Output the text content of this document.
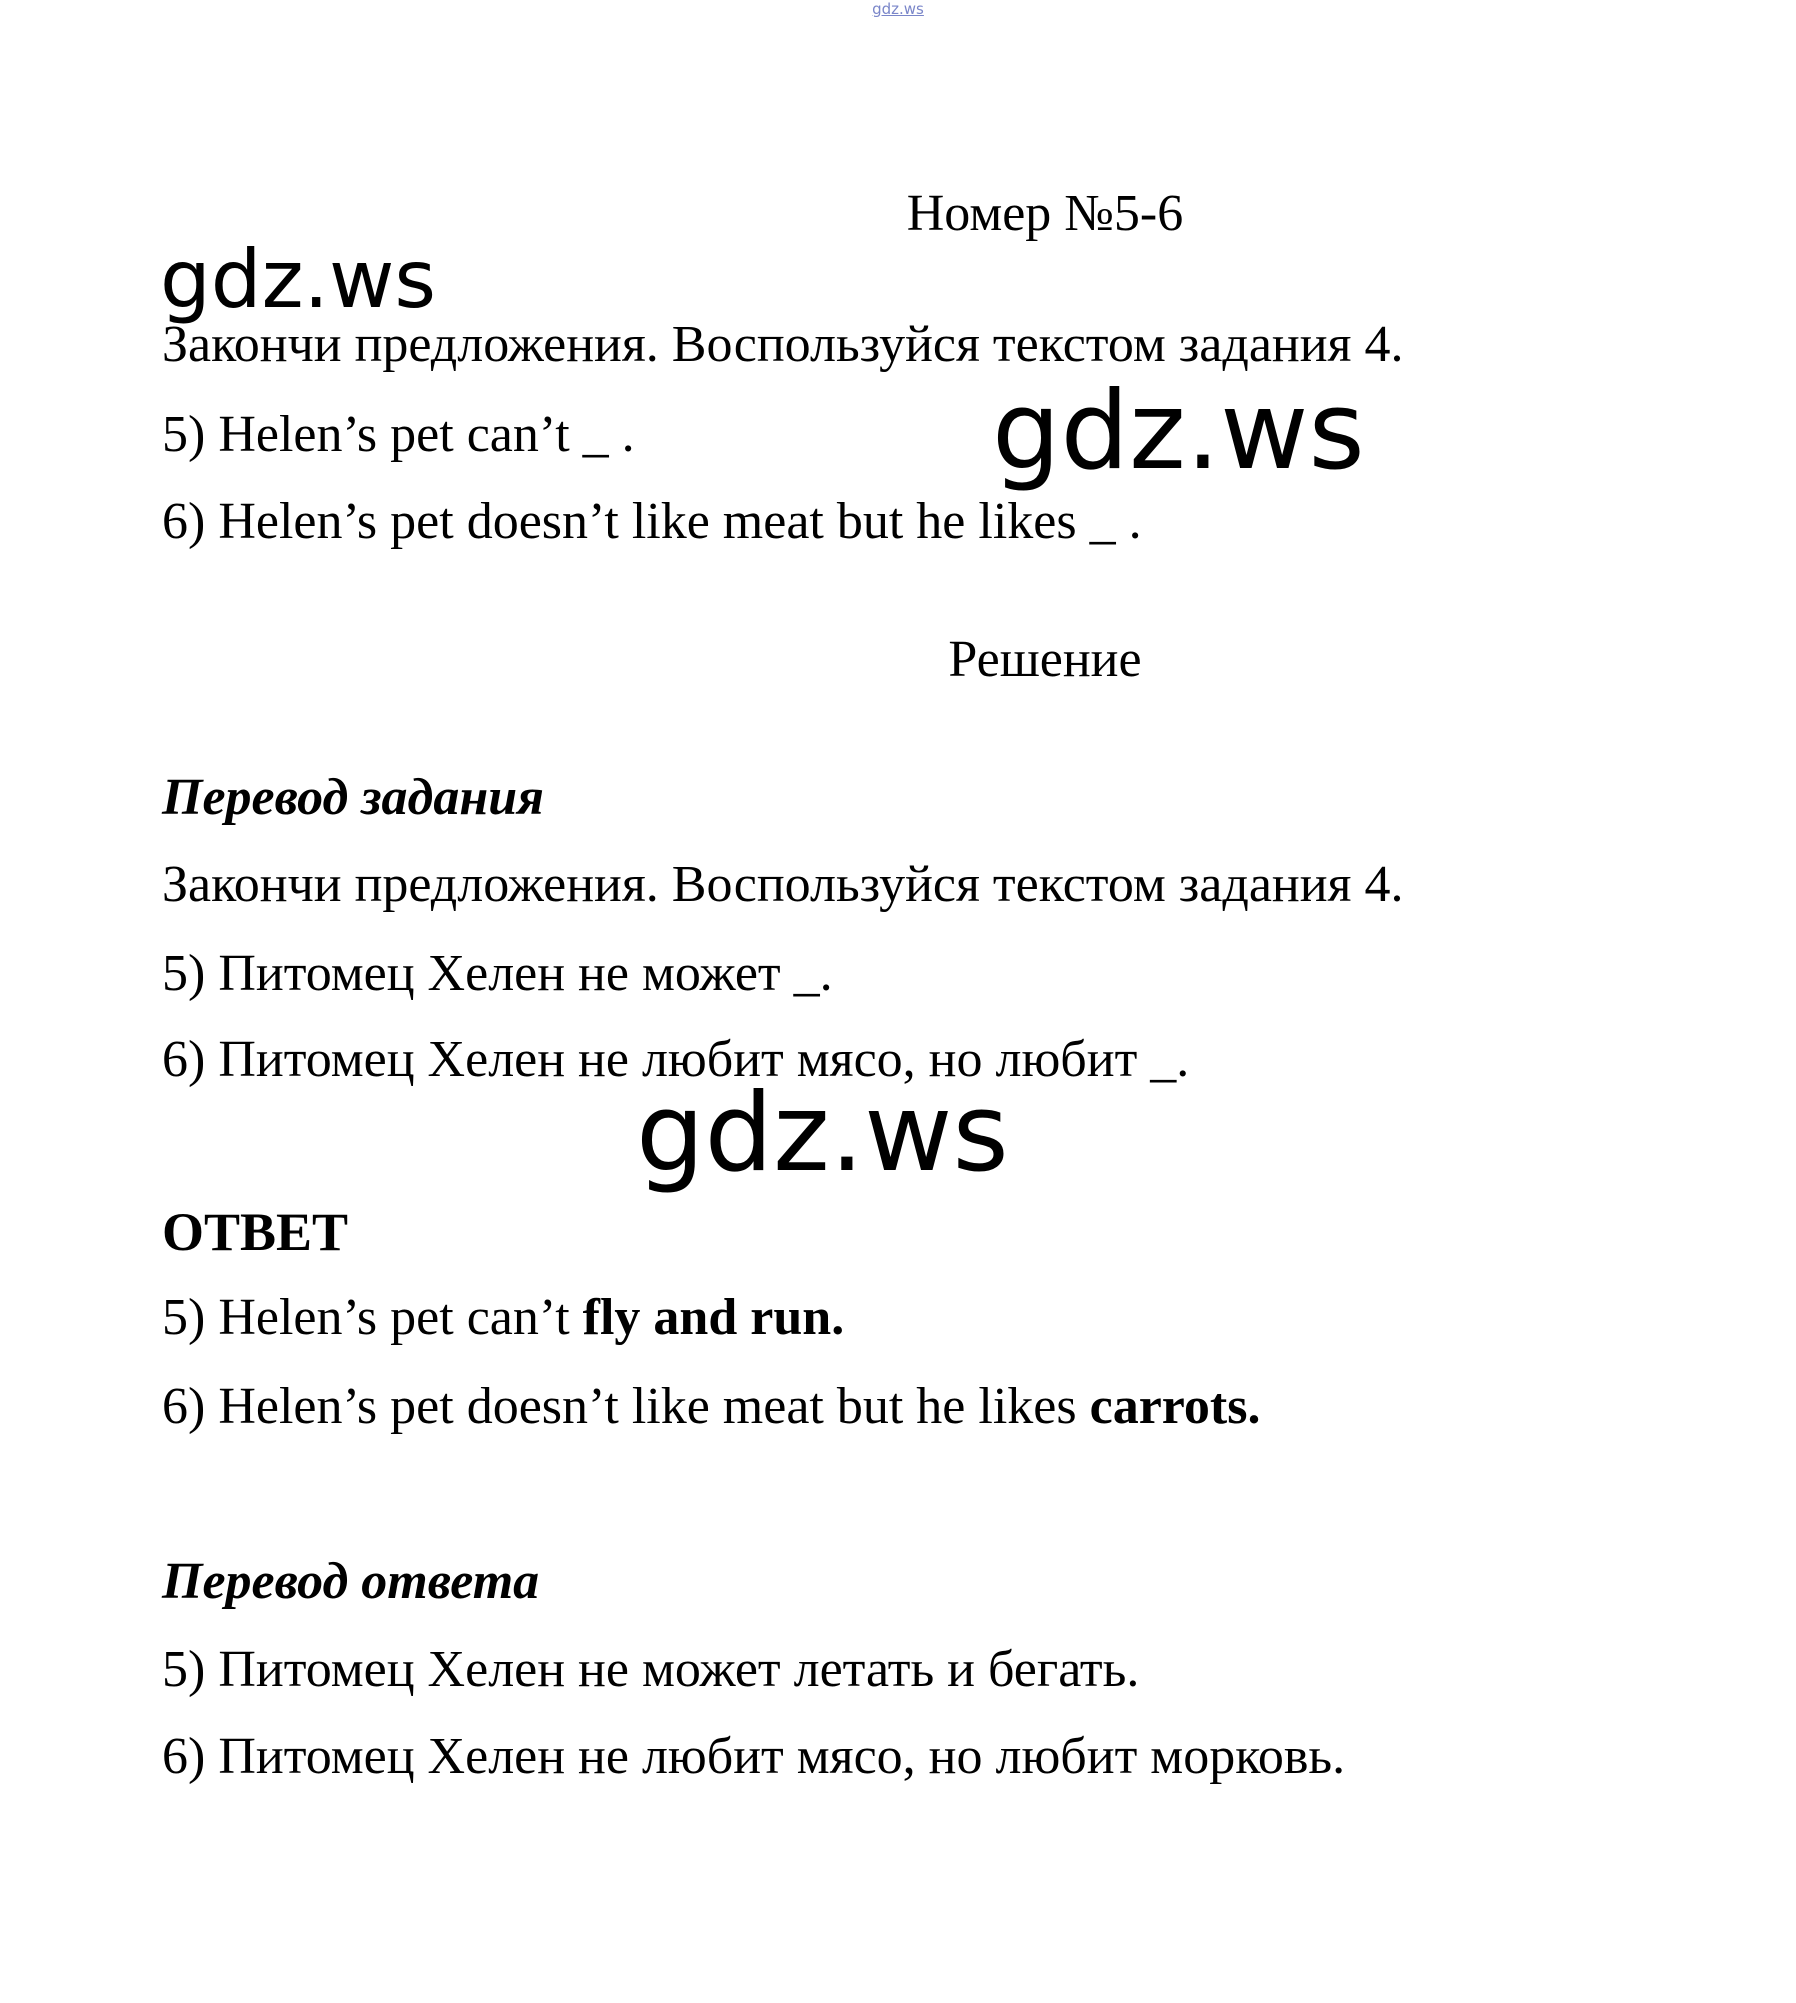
gdz.ws
Номер №5-6
gdz.ws
Закончи предложения. Воспользуйся текстом задания 4.
5) Helen’s pet can’t _ .	gdz.ws
6) Helen’s pet doesn’t like meat but he likes _ .
Решение
Перевод задания
Закончи предложения. Воспользуйся текстом задания 4.
5) Питомец Хелен не может _.
6) Питомец Хелен не любит мясо, но любит _.
gdz.ws
ОТВЕТ
5) Helen’s pet can’t fly and run.
6) Helen’s pet doesn’t like meat but he likes carrots.
Перевод ответа
5) Питомец Хелен не может летать и бегать.
6) Питомец Хелен не любит мясо, но любит морковь.
